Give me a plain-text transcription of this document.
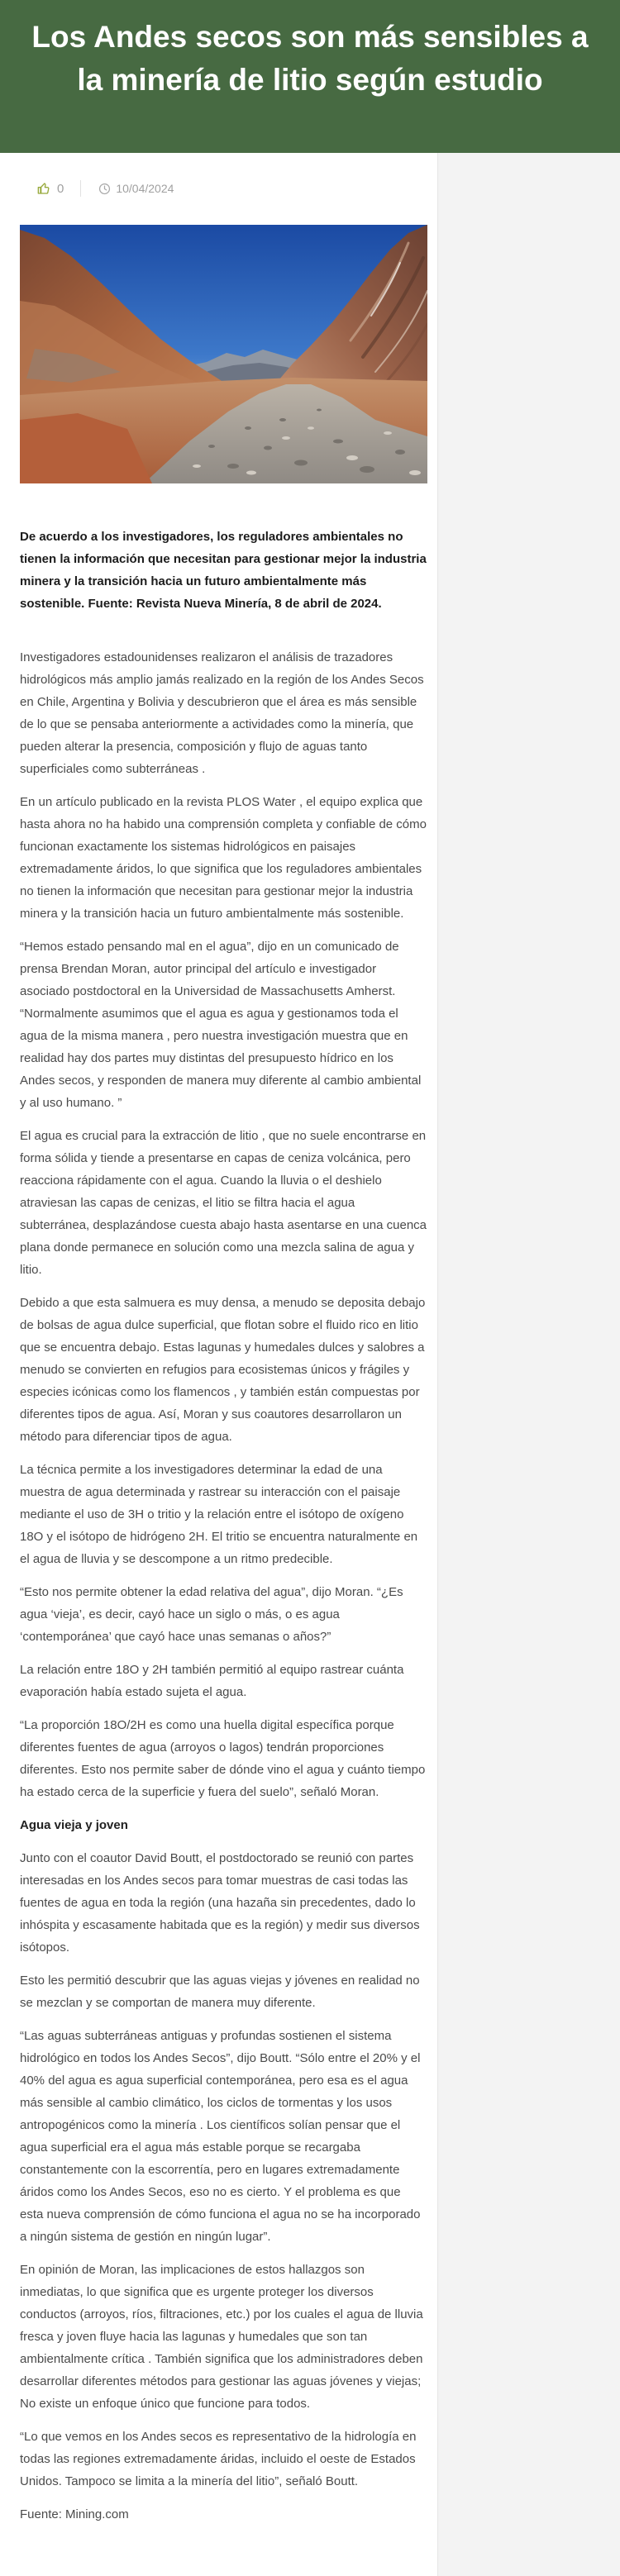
Los Andes secos son más sensibles a la minería de litio según estudio
0	10/04/2024

De acuerdo a los investigadores, los reguladores ambientales no tienen la información que necesitan para gestionar mejor la industria minera y la transición hacia un futuro ambientalmente más sostenible. Fuente: Revista Nueva Minería, 8 de abril de 2024.

Investigadores estadounidenses realizaron el análisis de trazadores hidrológicos más amplio jamás realizado en la región de los Andes Secos en Chile, Argentina y Bolivia y descubrieron que el área es más sensible de lo que se pensaba anteriormente a actividades como la minería, que pueden alterar la presencia, composición y flujo de aguas tanto superficiales como subterráneas .

En un artículo publicado en la revista PLOS Water , el equipo explica que hasta ahora no ha habido una comprensión completa y confiable de cómo funcionan exactamente los sistemas hidrológicos en paisajes extremadamente áridos, lo que significa que los reguladores ambientales no tienen la información que necesitan para gestionar mejor la industria minera y la transición hacia un futuro ambientalmente más sostenible.

“Hemos estado pensando mal en el agua”, dijo en un comunicado de prensa Brendan Moran, autor principal del artículo e investigador asociado postdoctoral en la Universidad de Massachusetts Amherst. “Normalmente asumimos que el agua es agua y gestionamos toda el agua de la misma manera , pero nuestra investigación muestra que en realidad hay dos partes muy distintas del presupuesto hídrico en los Andes secos, y responden de manera muy diferente al cambio ambiental y al uso humano. ”

El agua es crucial para la extracción de litio , que no suele encontrarse en forma sólida y tiende a presentarse en capas de ceniza volcánica, pero reacciona rápidamente con el agua. Cuando la lluvia o el deshielo atraviesan las capas de cenizas, el litio se filtra hacia el agua subterránea, desplazándose cuesta abajo hasta asentarse en una cuenca plana donde permanece en solución como una mezcla salina de agua y litio.

Debido a que esta salmuera es muy densa, a menudo se deposita debajo de bolsas de agua dulce superficial, que flotan sobre el fluido rico en litio que se encuentra debajo. Estas lagunas y humedales dulces y salobres a menudo se convierten en refugios para ecosistemas únicos y frágiles y especies icónicas como los flamencos , y también están compuestas por diferentes tipos de agua. Así, Moran y sus coautores desarrollaron un método para diferenciar tipos de agua.

La técnica permite a los investigadores determinar la edad de una muestra de agua determinada y rastrear su interacción con el paisaje mediante el uso de 3H o tritio y la relación entre el isótopo de oxígeno 18O y el isótopo de hidrógeno 2H. El tritio se encuentra naturalmente en el agua de lluvia y se descompone a un ritmo predecible.

“Esto nos permite obtener la edad relativa del agua”, dijo Moran. “¿Es agua ‘vieja’, es decir, cayó hace un siglo o más, o es agua ‘contemporánea’ que cayó hace unas semanas o años?”

La relación entre 18O y 2H también permitió al equipo rastrear cuánta evaporación había estado sujeta el agua.

“La proporción 18O/2H es como una huella digital específica porque diferentes fuentes de agua (arroyos o lagos) tendrán proporciones diferentes. Esto nos permite saber de dónde vino el agua y cuánto tiempo ha estado cerca de la superficie y fuera del suelo”, señaló Moran.

Agua vieja y joven

Junto con el coautor David Boutt, el postdoctorado se reunió con partes interesadas en los Andes secos para tomar muestras de casi todas las fuentes de agua en toda la región (una hazaña sin precedentes, dado lo inhóspita y escasamente habitada que es la región) y medir sus diversos isótopos.

Esto les permitió descubrir que las aguas viejas y jóvenes en realidad no se mezclan y se comportan de manera muy diferente.

“Las aguas subterráneas antiguas y profundas sostienen el sistema hidrológico en todos los Andes Secos”, dijo Boutt. “Sólo entre el 20% y el 40% del agua es agua superficial contemporánea, pero esa es el agua más sensible al cambio climático, los ciclos de tormentas y los usos antropogénicos como la minería . Los científicos solían pensar que el agua superficial era el agua más estable porque se recargaba constantemente con la escorrentía, pero en lugares extremadamente áridos como los Andes Secos, eso no es cierto. Y el problema es que esta nueva comprensión de cómo funciona el agua no se ha incorporado a ningún sistema de gestión en ningún lugar”.

En opinión de Moran, las implicaciones de estos hallazgos son inmediatas, lo que significa que es urgente proteger los diversos conductos (arroyos, ríos, filtraciones, etc.) por los cuales el agua de lluvia fresca y joven fluye hacia las lagunas y humedales que son tan ambientalmente crítica . También significa que los administradores deben desarrollar diferentes métodos para gestionar las aguas jóvenes y viejas; No existe un enfoque único que funcione para todos.

“Lo que vemos en los Andes secos es representativo de la hidrología en todas las regiones extremadamente áridas, incluido el oeste de Estados Unidos. Tampoco se limita a la minería del litio”, señaló Boutt.

Fuente: Mining.com
